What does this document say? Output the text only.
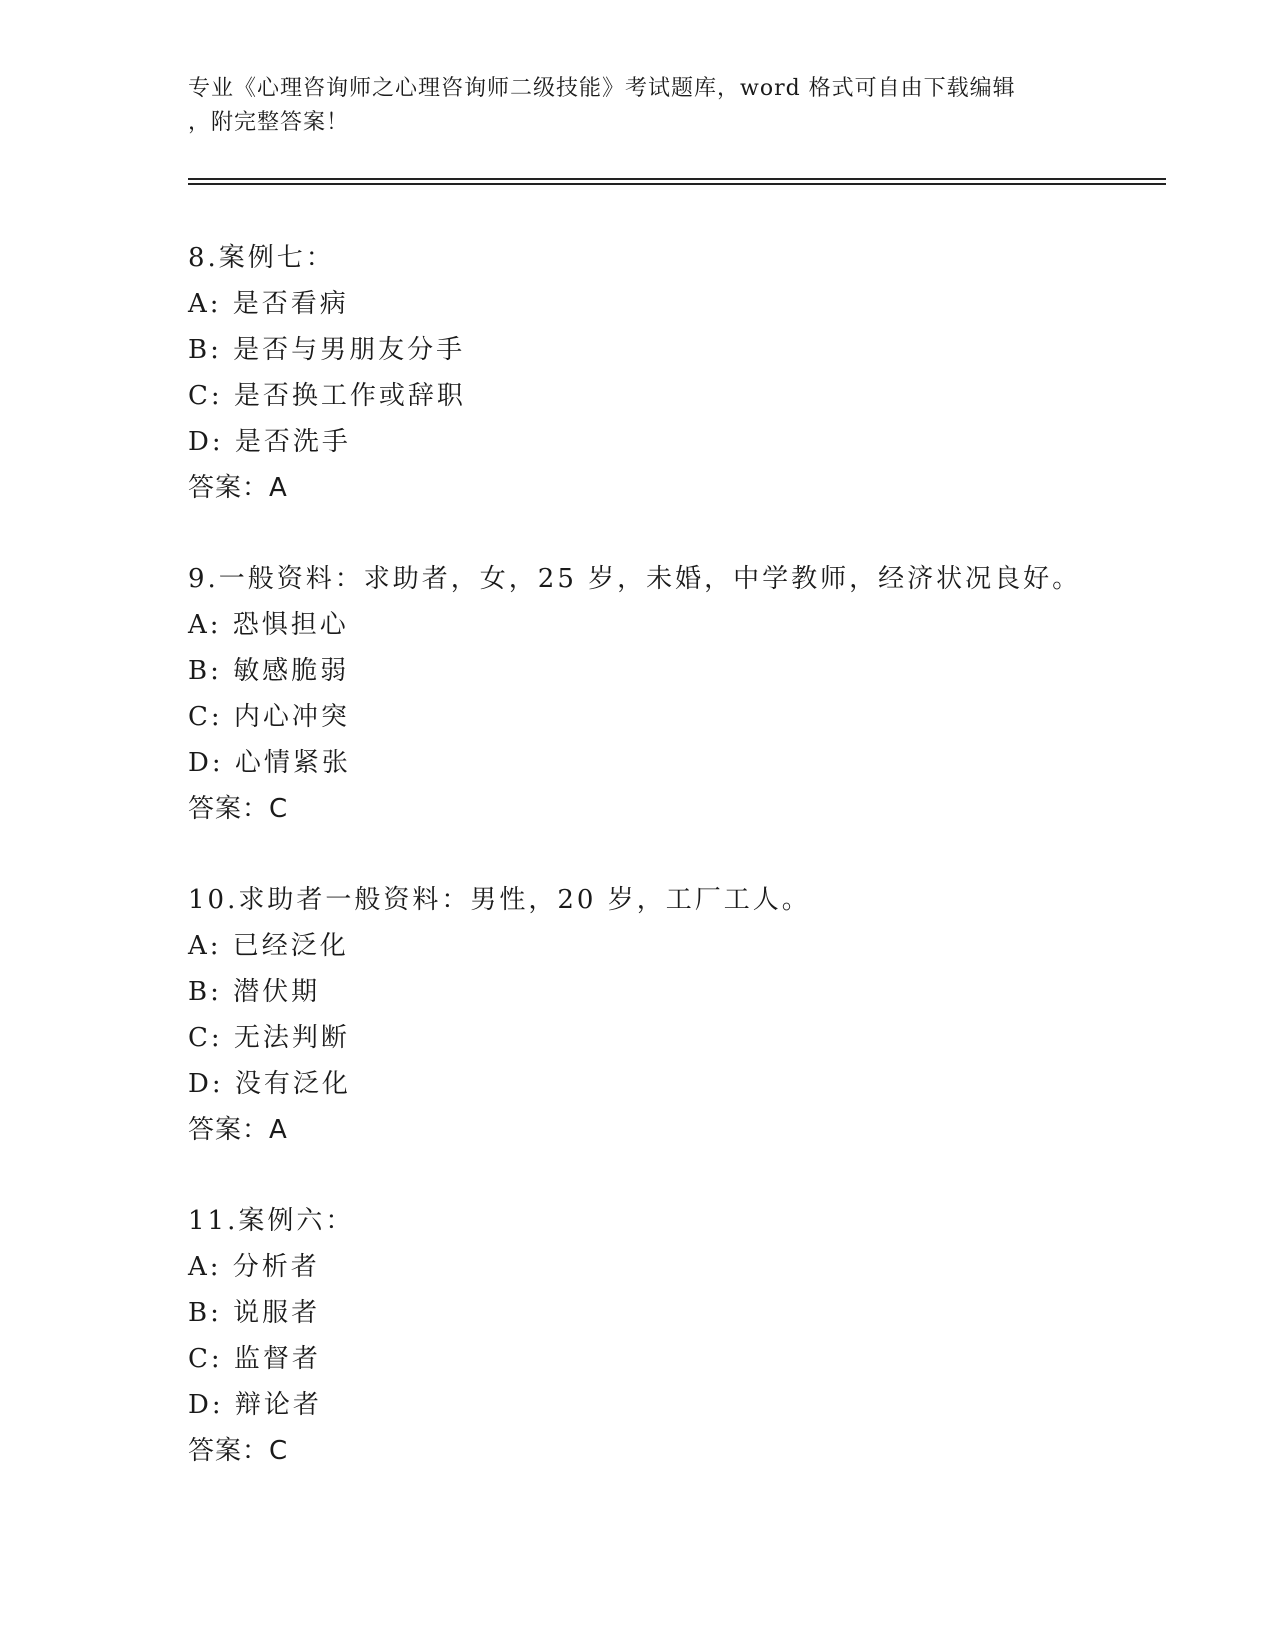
专业《心理咨询师之心理咨询师二级技能》考试题库，word 格式可自由下载编辑
，附完整答案！
8.案例七：
A: 是否看病
B: 是否与男朋友分手
C: 是否换工作或辞职
D: 是否洗手
答案：A
9.一般资料：求助者，女，25 岁，未婚，中学教师，经济状况良好。
A: 恐惧担心
B: 敏感脆弱
C: 内心冲突
D: 心情紧张
答案：C
10.求助者一般资料：男性，20 岁，工厂工人。
A: 已经泛化
B: 潜伏期
C: 无法判断
D: 没有泛化
答案：A
11.案例六：
A: 分析者
B: 说服者
C: 监督者
D: 辩论者
答案：C
